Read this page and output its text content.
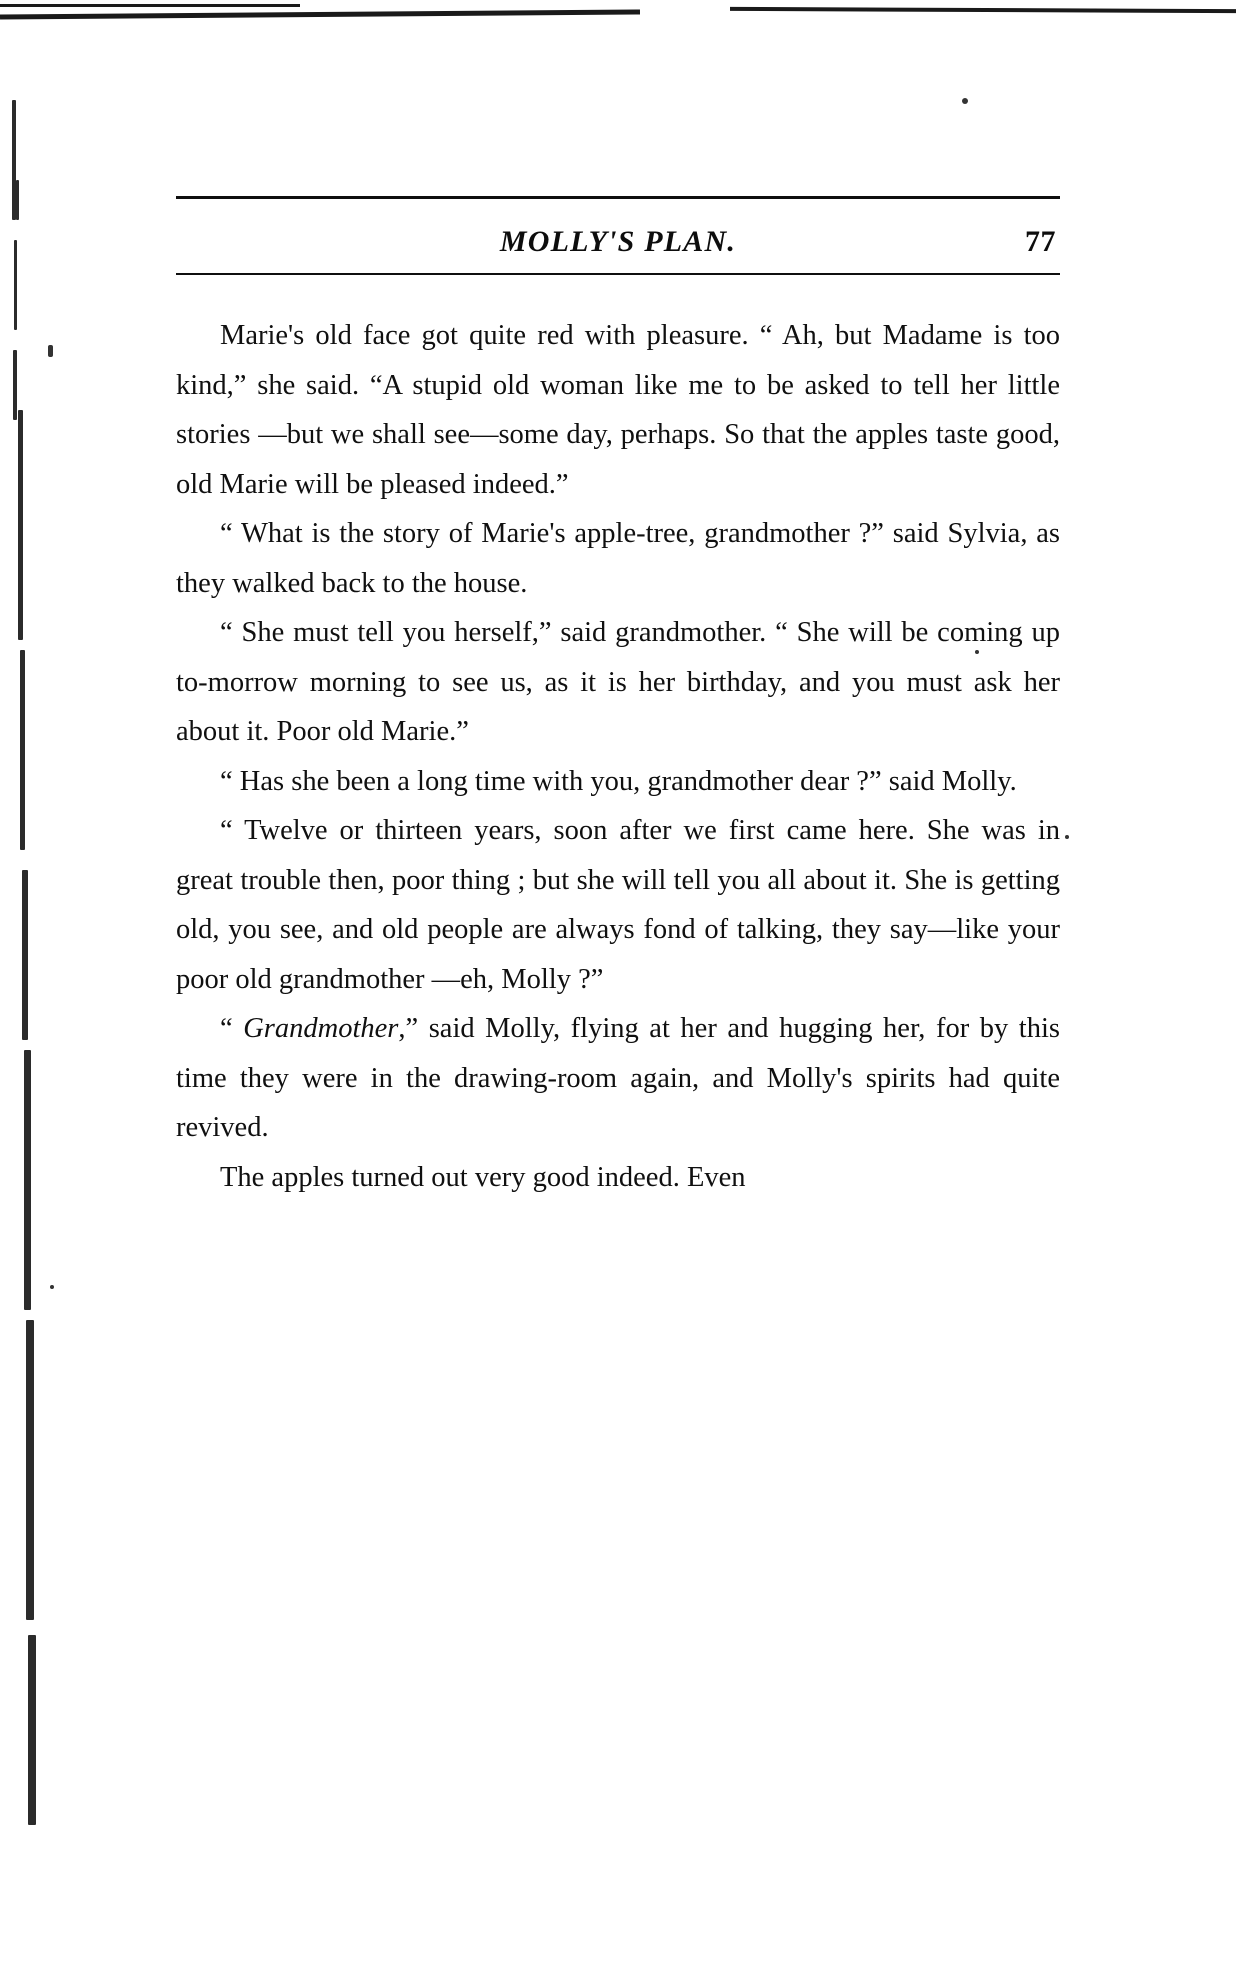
MOLLY'S PLAN.	77

Marie's old face got quite red with pleasure. “ Ah, but Madame is too kind,” she said. “A stupid old woman like me to be asked to tell her little stories —but we shall see—some day, perhaps. So that the apples taste good, old Marie will be pleased indeed.”

“ What is the story of Marie's apple-tree, grandmother ?” said Sylvia, as they walked back to the house.

“ She must tell you herself,” said grandmother. “ She will be coming up to-morrow morning to see us, as it is her birthday, and you must ask her about it. Poor old Marie.”

“ Has she been a long time with you, grandmother dear ?” said Molly.

“ Twelve or thirteen years, soon after we first came here. She was in great trouble then, poor thing ; but she will tell you all about it. She is getting old, you see, and old people are always fond of talking, they say—like your poor old grandmother —eh, Molly ?”

“ Grandmother,” said Molly, flying at her and hugging her, for by this time they were in the drawing-room again, and Molly's spirits had quite revived.

The apples turned out very good indeed. Even
